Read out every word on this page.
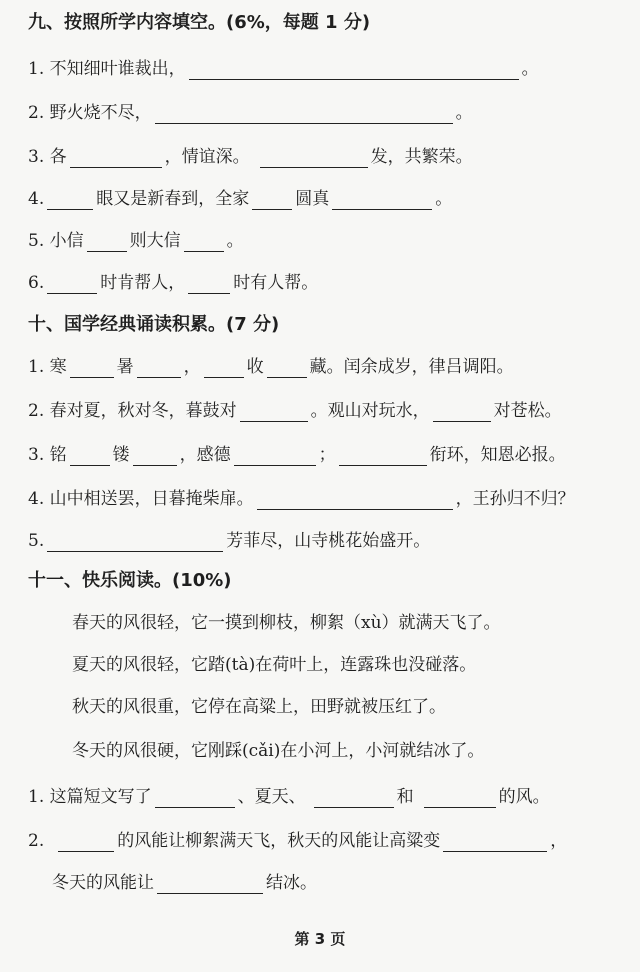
九、按照所学内容填空。(6%，每题 1 分)
1. 不知细叶谁裁出，	。
2. 野火烧不尽，	。
3. 各	，情谊深。	发，共繁荣。
4.	眼又是新春到，全家	圆真	。
5. 小信	则大信	。
6.	时肯帮人，	时有人帮。
十、国学经典诵读积累。(7 分)
1. 寒	暑	，	收	藏。闰余成岁，律吕调阳。
2. 春对夏，秋对冬，暮鼓对	。观山对玩水，	对苍松。
3. 铭	镂	，感德	；	衔环，知恩必报。
4. 山中相送罢，日暮掩柴扉。	，王孙归不归？
5.	芳菲尽，山寺桃花始盛开。
十一、快乐阅读。(10%)
春天的风很轻，它一摸到柳枝，柳絮（xù）就满天飞了。
夏天的风很轻，它踏(tà)在荷叶上，连露珠也没碰落。
秋天的风很重，它停在高粱上，田野就被压红了。
冬天的风很硬，它刚踩(cǎi)在小河上，小河就结冰了。
1. 这篇短文写了	、夏天、	和	的风。
2.	的风能让柳絮满天飞，秋天的风能让高粱变	，
冬天的风能让	结冰。
第 3 页
